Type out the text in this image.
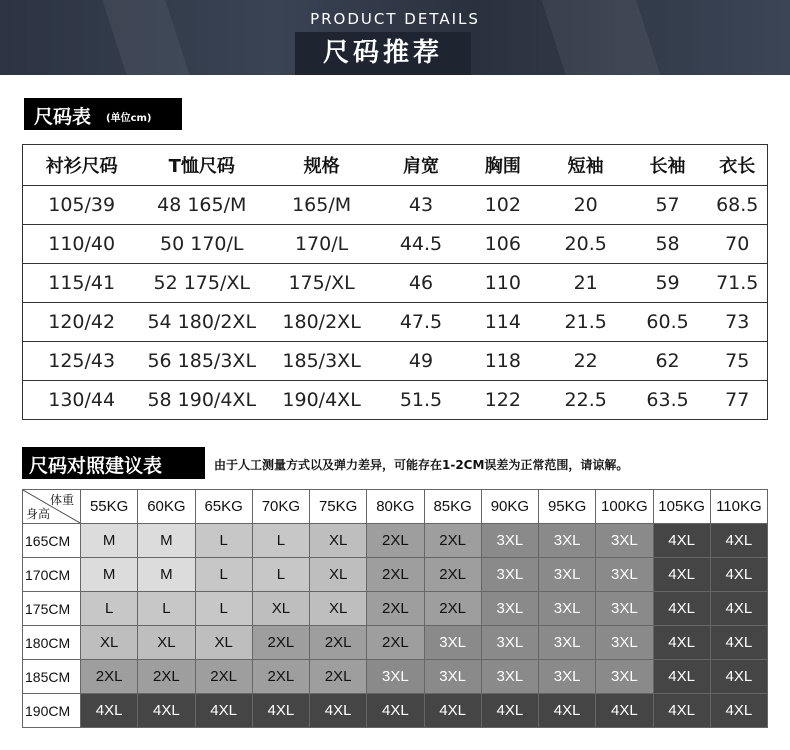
PRODUCT DETAILS
尺码推荐
尺码表 (单位cm)
衬衫尺码	T恤尺码	规格	肩宽	胸围	短袖	长袖	衣长
105/39	48 165/M	165/M	43	102	20	57	68.5
110/40	50 170/L	170/L	44.5	106	20.5	58	70
115/41	52 175/XL	175/XL	46	110	21	59	71.5
120/42	54 180/2XL	180/2XL	47.5	114	21.5	60.5	73
125/43	56 185/3XL	185/3XL	49	118	22	62	75
130/44	58 190/4XL	190/4XL	51.5	122	22.5	63.5	77
尺码对照建议表	由于人工测量方式以及弹力差异，可能存在1-2CM误差为正常范围，请谅解。
体重
身高	55KG	60KG	65KG	70KG	75KG	80KG	85KG	90KG	95KG	100KG	105KG	110KG
165CM	M	M	L	L	XL	2XL	2XL	3XL	3XL	3XL	4XL	4XL
170CM	M	M	L	L	XL	2XL	2XL	3XL	3XL	3XL	4XL	4XL
175CM	L	L	L	XL	XL	2XL	2XL	3XL	3XL	3XL	4XL	4XL
180CM	XL	XL	XL	2XL	2XL	2XL	3XL	3XL	3XL	3XL	4XL	4XL
185CM	2XL	2XL	2XL	2XL	2XL	3XL	3XL	3XL	3XL	3XL	4XL	4XL
190CM	4XL	4XL	4XL	4XL	4XL	4XL	4XL	4XL	4XL	4XL	4XL	4XL
